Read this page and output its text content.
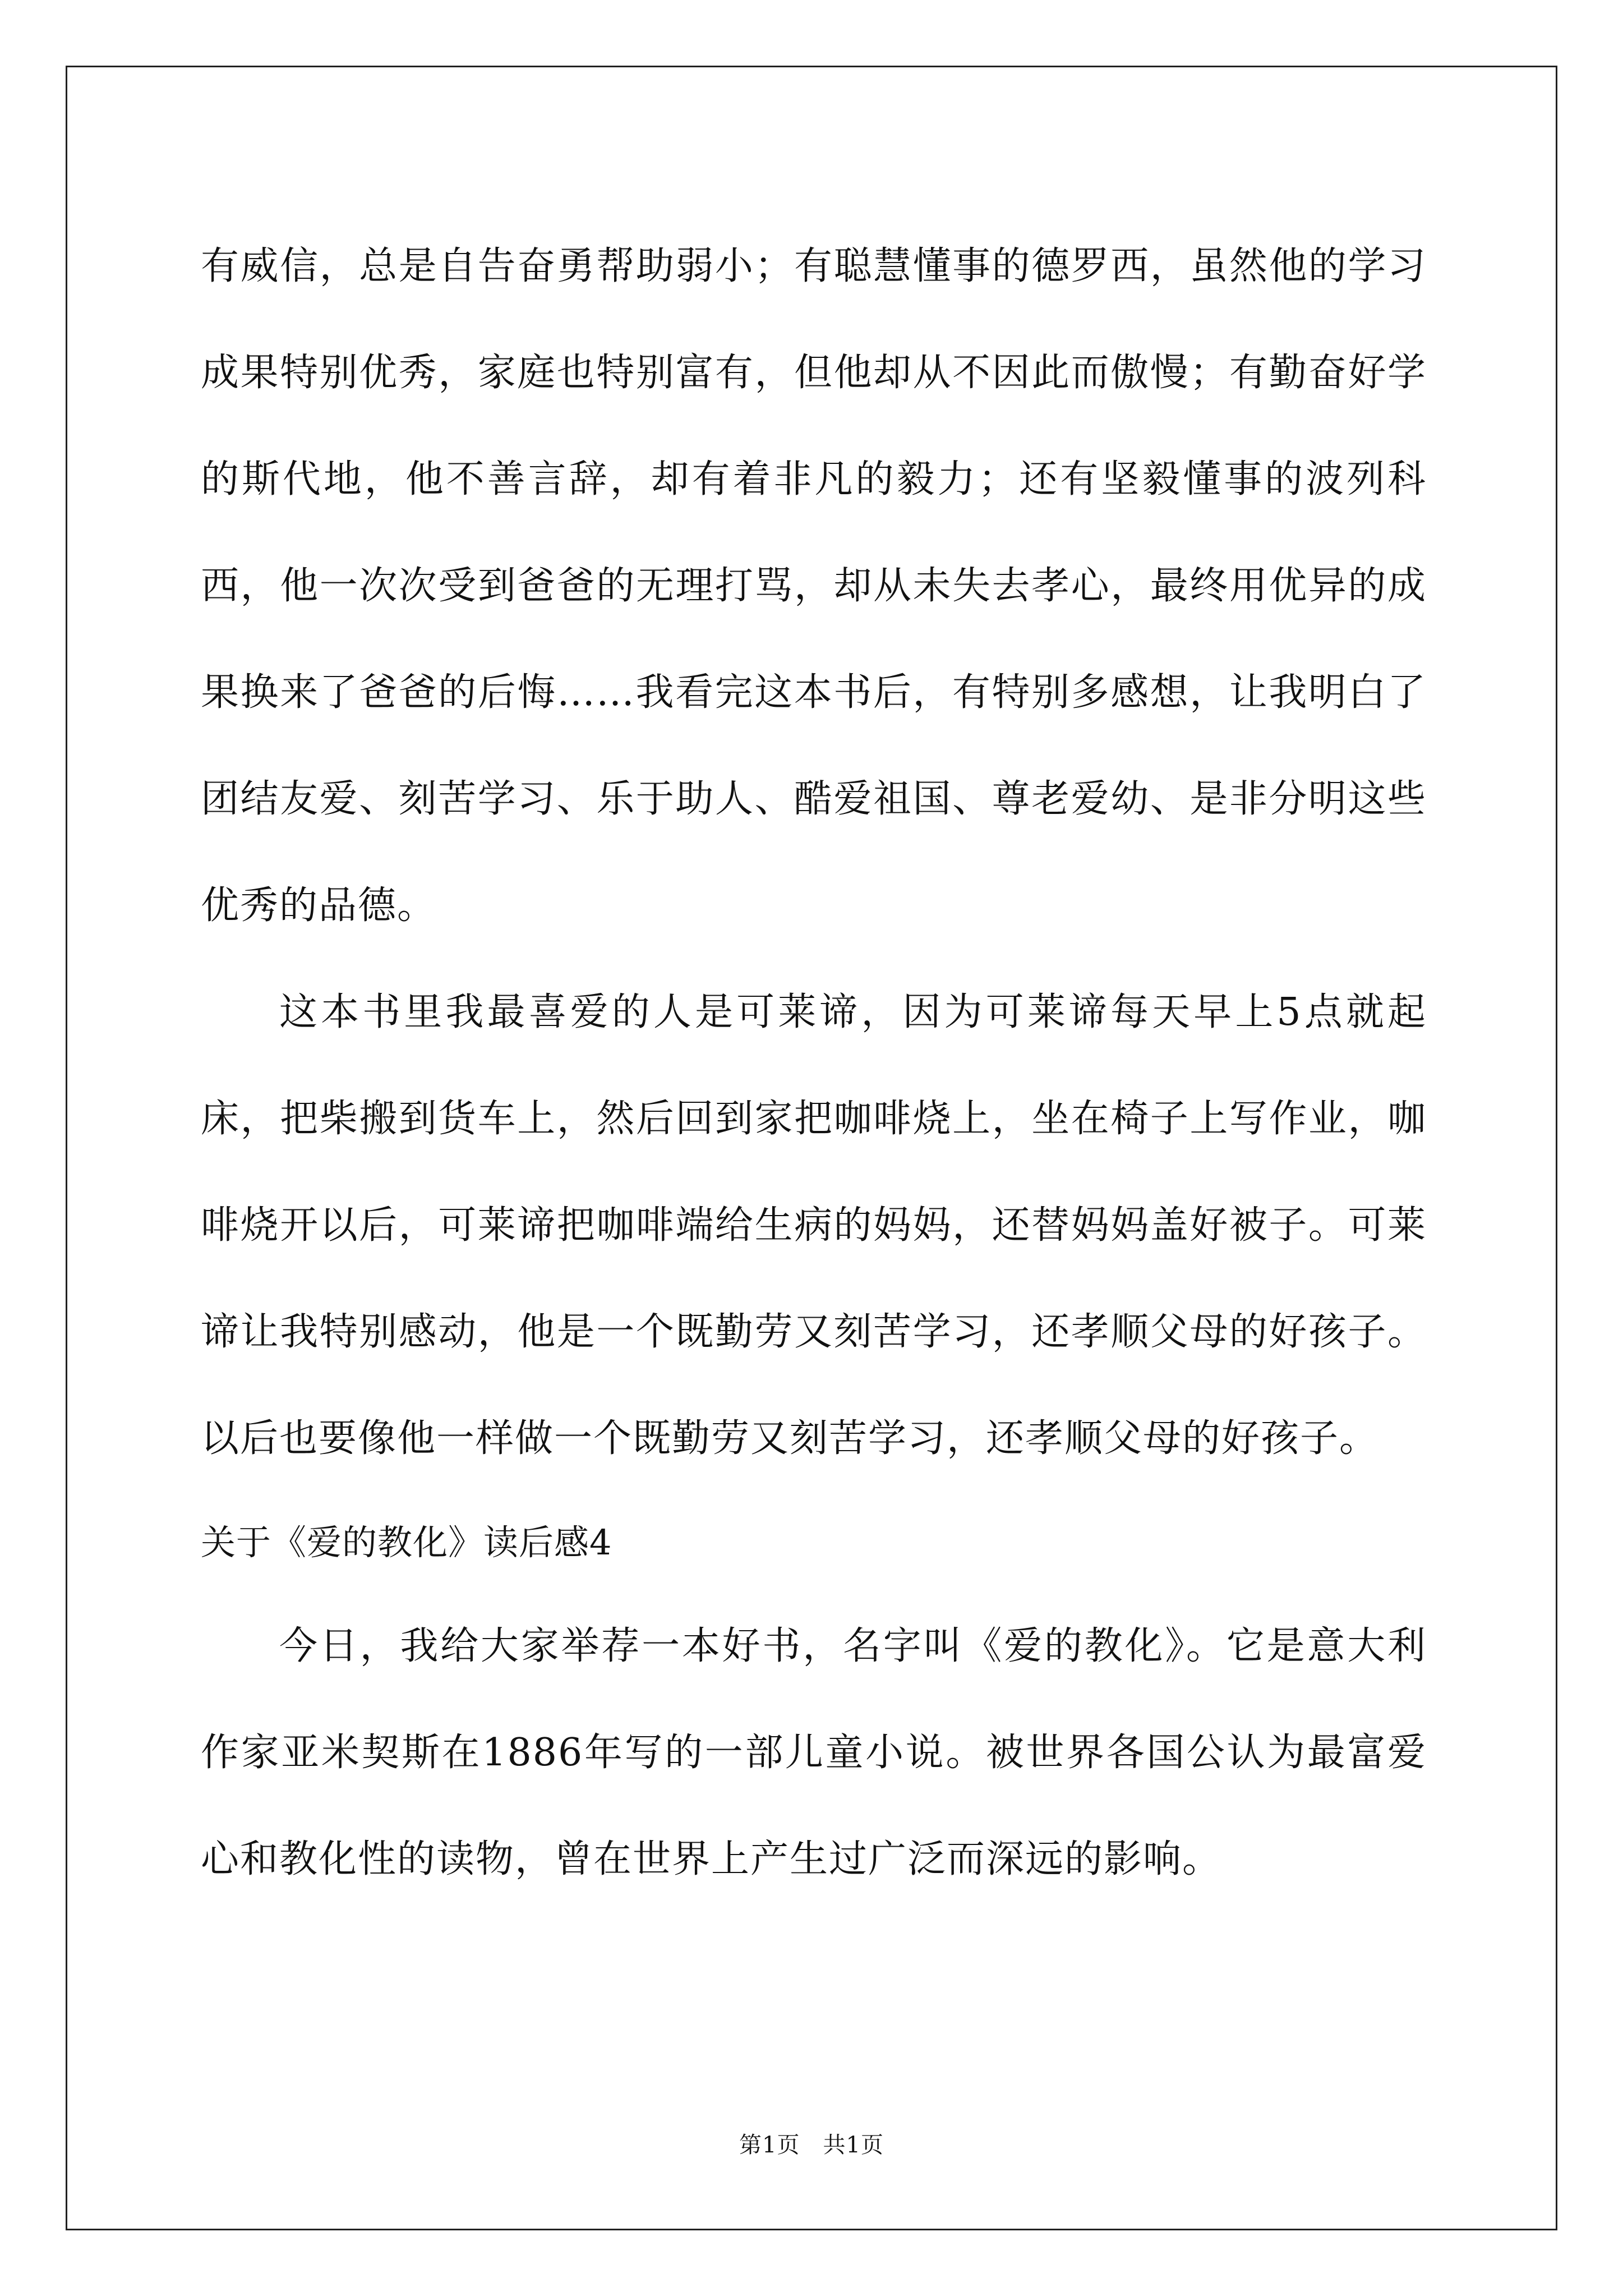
有威信，总是自告奋勇帮助弱小；有聪慧懂事的德罗西，虽然他的学习成果特别优秀，家庭也特别富有，但他却从不因此而傲慢；有勤奋好学的斯代地，他不善言辞，却有着非凡的毅力；还有坚毅懂事的波列科西，他一次次受到爸爸的无理打骂，却从未失去孝心，最终用优异的成果换来了爸爸的后悔……我看完这本书后，有特别多感想，让我明白了团结友爱、刻苦学习、乐于助人、酷爱祖国、尊老爱幼、是非分明这些优秀的品德。

这本书里我最喜爱的人是可莱谛，因为可莱谛每天早上5点就起床，把柴搬到货车上，然后回到家把咖啡烧上，坐在椅子上写作业，咖啡烧开以后，可莱谛把咖啡端给生病的妈妈，还替妈妈盖好被子。可莱谛让我特别感动，他是一个既勤劳又刻苦学习，还孝顺父母的好孩子。以后也要像他一样做一个既勤劳又刻苦学习，还孝顺父母的好孩子。

关于《爱的教化》读后感4

今日，我给大家举荐一本好书，名字叫《爱的教化》。它是意大利作家亚米契斯在1886年写的一部儿童小说。被世界各国公认为最富爱心和教化性的读物，曾在世界上产生过广泛而深远的影响。

第1页　共1页
